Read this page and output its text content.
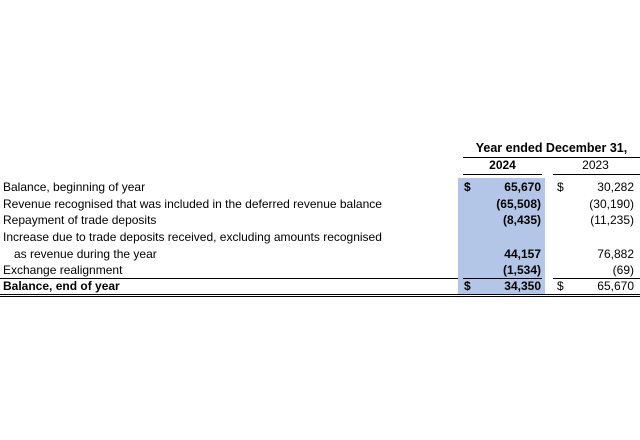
Year ended December 31,
2024	2023
Balance, beginning of year	$	65,670 $	30,282
Revenue recognised that was included in the deferred revenue balance	(65,508)	(30,190)
Repayment of trade deposits	(8,435)	(11,235)
Increase due to trade deposits received, excluding amounts recognised
as revenue during the year	44,157	76,882
Exchange realignment	(1,534)	(69)
Balance, end of year	$	34,350 $	65,670
